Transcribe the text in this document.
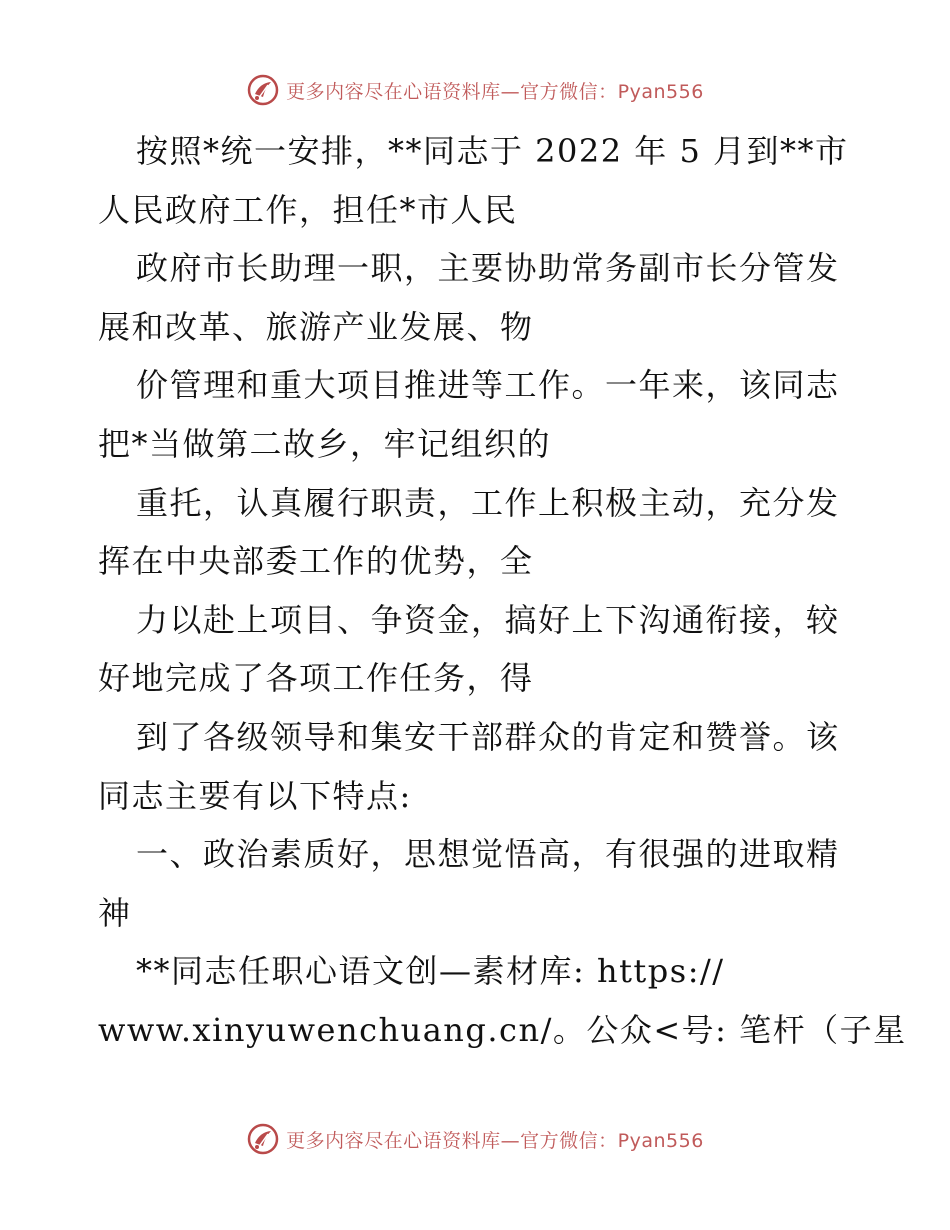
更多内容尽在心语资料库—官方微信：Pyan556
按照*统一安排，**同志于 2022 年 5 月到**市
人民政府工作，担任*市人民
政府市长助理一职，主要协助常务副市长分管发
展和改革、旅游产业发展、物
价管理和重大项目推进等工作。一年来，该同志
把*当做第二故乡，牢记组织的
重托，认真履行职责，工作上积极主动，充分发
挥在中央部委工作的优势，全
力以赴上项目、争资金，搞好上下沟通衔接，较
好地完成了各项工作任务，得
到了各级领导和集安干部群众的肯定和赞誉。该
同志主要有以下特点:
一、政治素质好，思想觉悟高，有很强的进取精
神
**同志任职心语文创—素材库: https://
www.xinyuwenchuang.cn/。公众<号: 笔杆（子星
更多内容尽在心语资料库—官方微信：Pyan556
